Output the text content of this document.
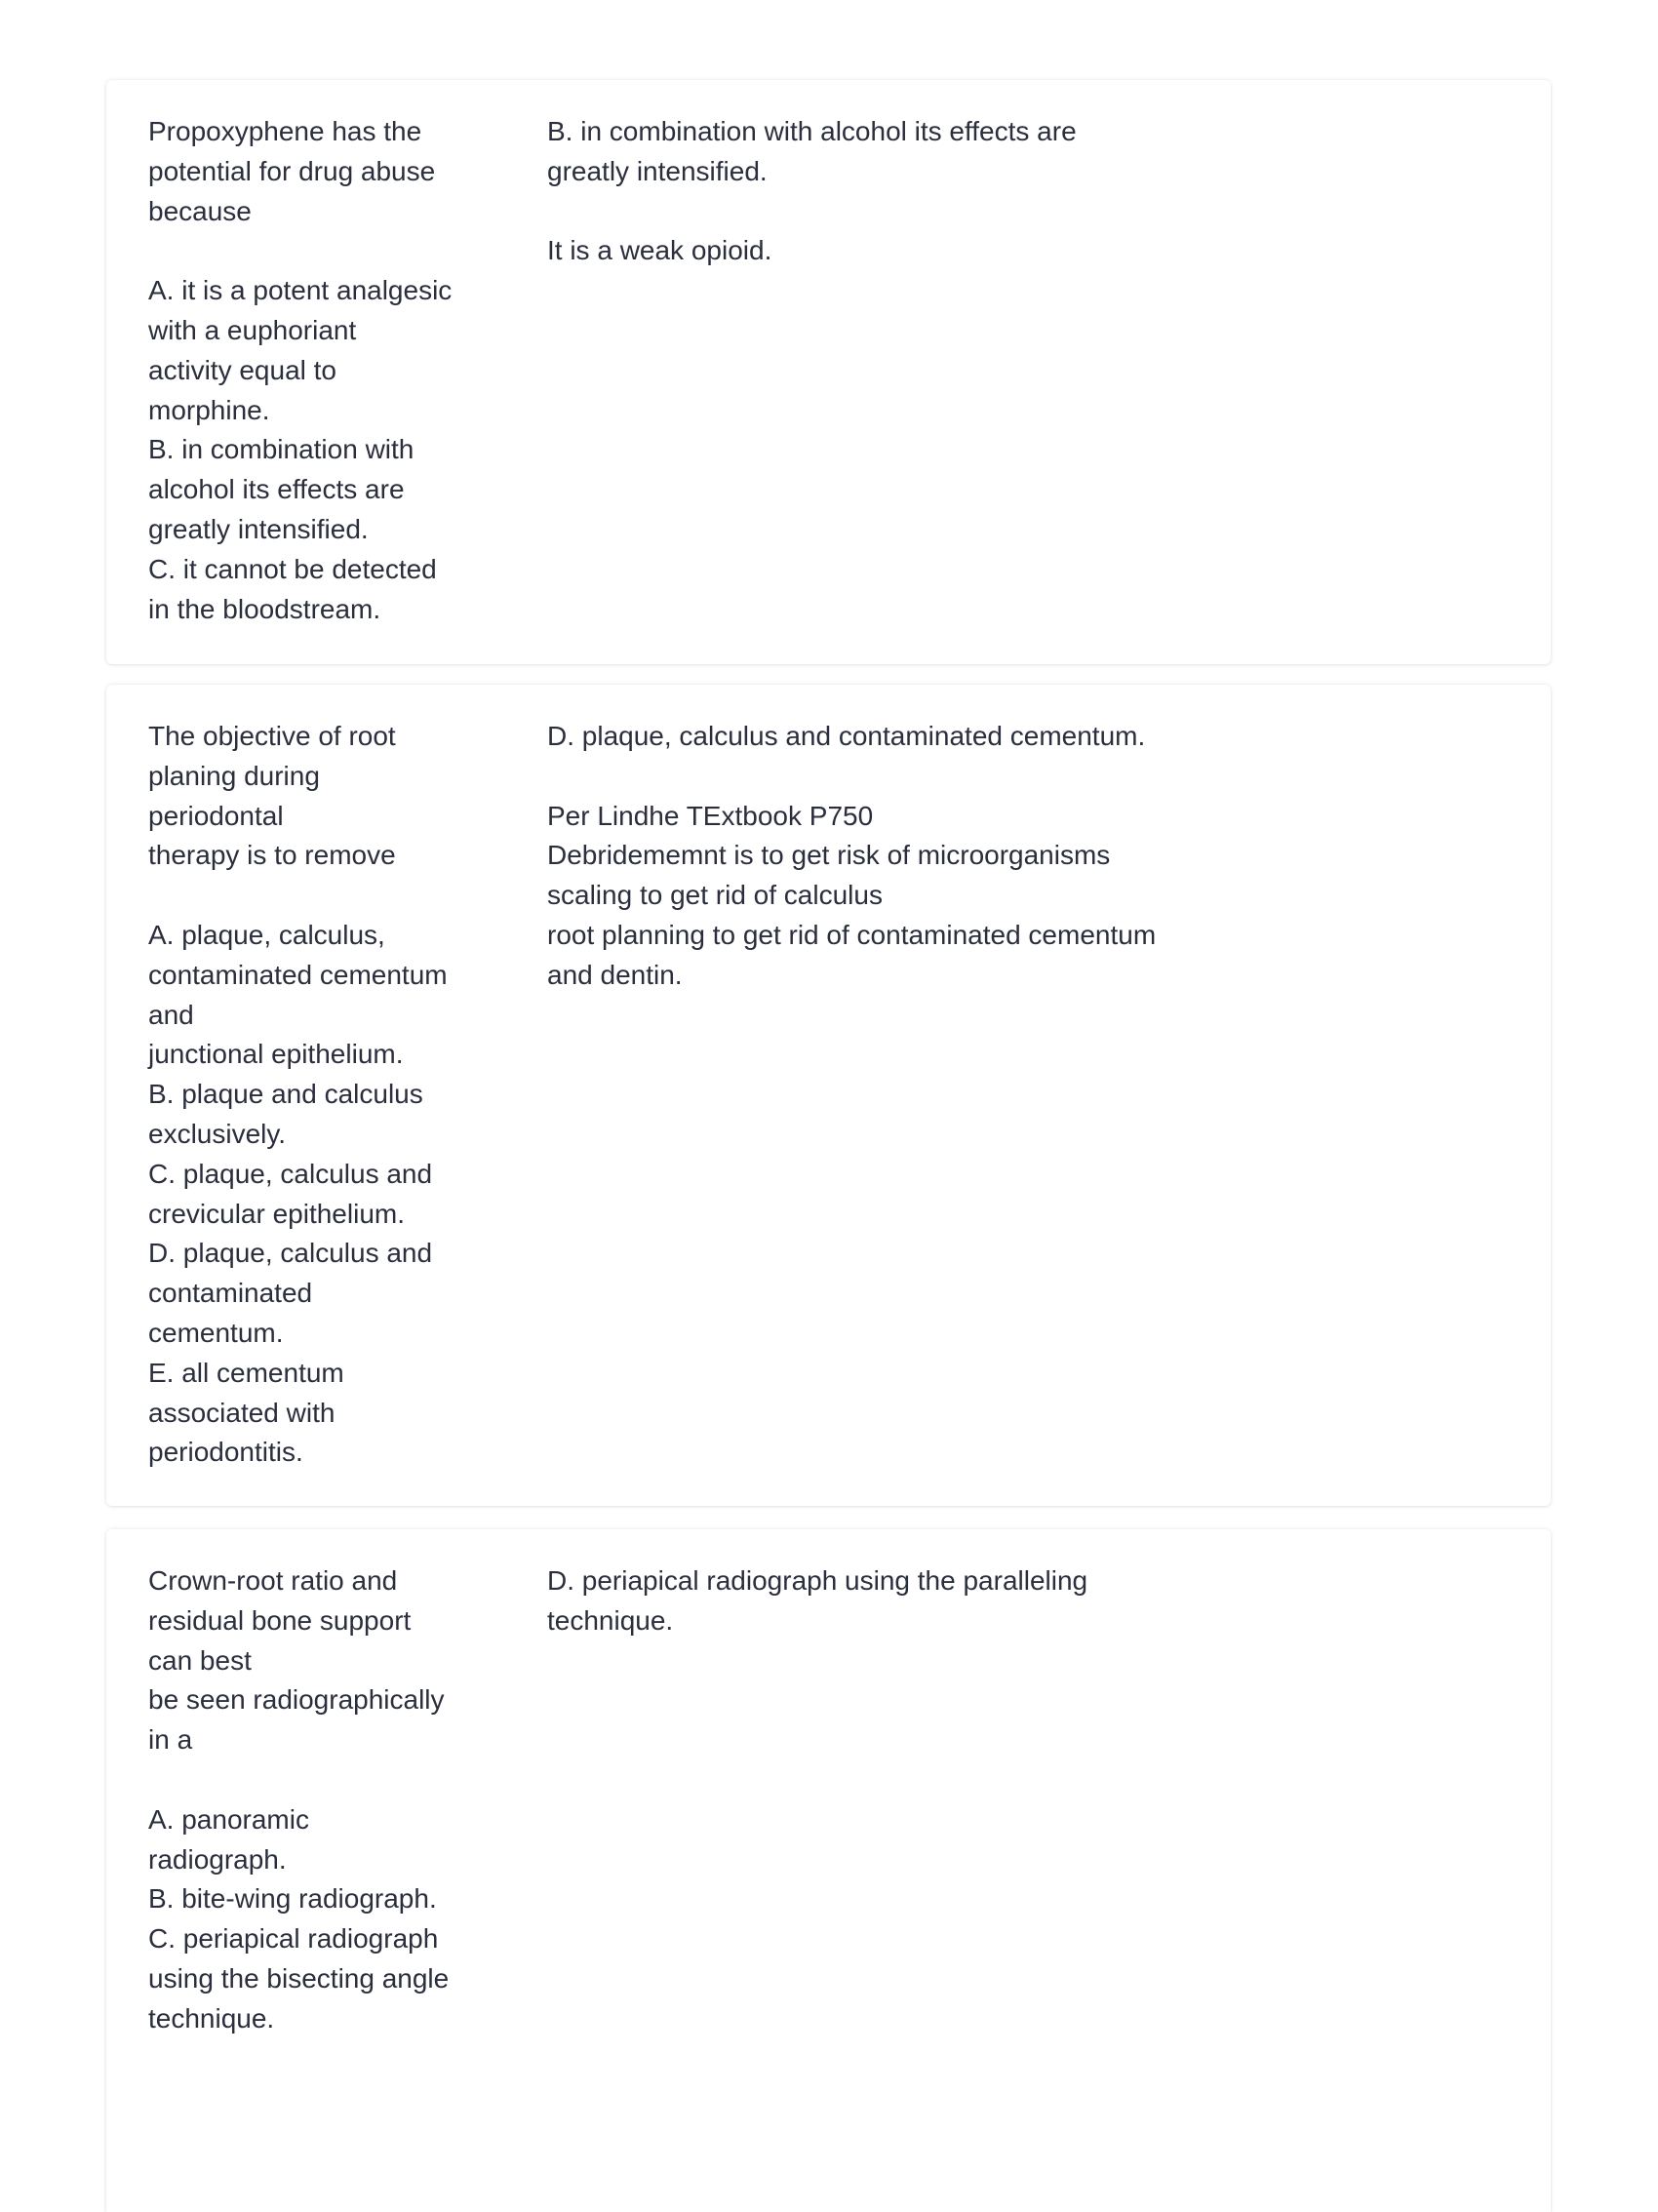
Propoxyphene has the
potential for drug abuse
because

A. it is a potent analgesic
with a euphoriant
activity equal to
morphine.
B. in combination with
alcohol its effects are
greatly intensified.
C. it cannot be detected
in the bloodstream.
B. in combination with alcohol its effects are
greatly intensified.

It is a weak opioid.
The objective of root
planing during
periodontal
therapy is to remove

A. plaque, calculus,
contaminated cementum
and
junctional epithelium.
B. plaque and calculus
exclusively.
C. plaque, calculus and
crevicular epithelium.
D. plaque, calculus and
contaminated
cementum.
E. all cementum
associated with
periodontitis.
D. plaque, calculus and contaminated cementum.

Per Lindhe TExtbook P750
Debridememnt is to get risk of microorganisms
scaling to get rid of calculus
root planning to get rid of contaminated cementum
and dentin.
Crown-root ratio and
residual bone support
can best
be seen radiographically
in a

A. panoramic
radiograph.
B. bite-wing radiograph.
C. periapical radiograph
using the bisecting angle
technique.
D. periapical radiograph using the paralleling
technique.
